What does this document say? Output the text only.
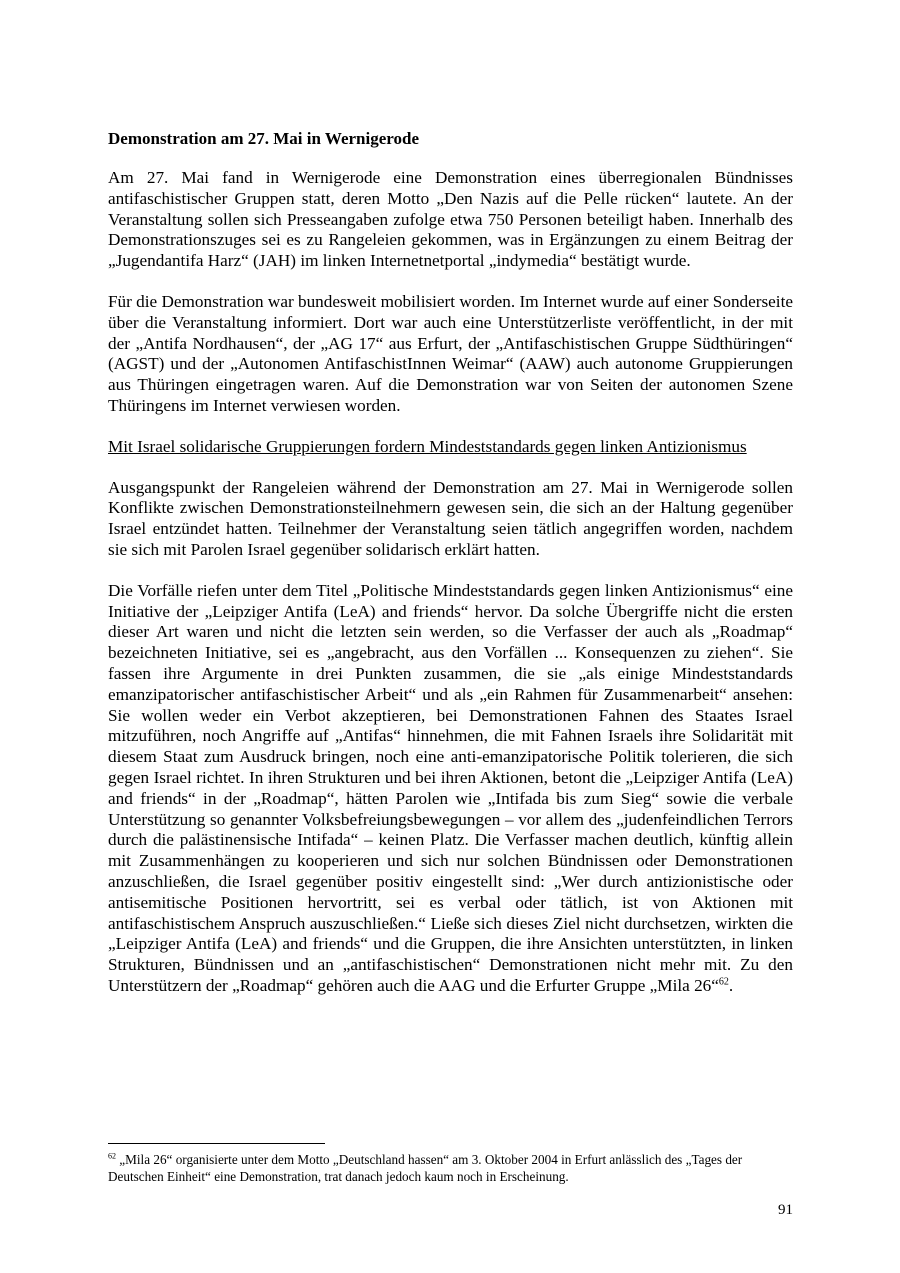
Demonstration am 27. Mai in Wernigerode

Am 27. Mai fand in Wernigerode eine Demonstration eines überregionalen Bündnisses antifaschistischer Gruppen statt, deren Motto „Den Nazis auf die Pelle rücken“ lautete. An der Veranstaltung sollen sich Presseangaben zufolge etwa 750 Personen beteiligt haben. Innerhalb des Demonstrationszuges sei es zu Rangeleien gekommen, was in Ergänzungen zu einem Beitrag der „Jugendantifa Harz“ (JAH) im linken Internetnetportal „indymedia“ bestätigt wurde.

Für die Demonstration war bundesweit mobilisiert worden. Im Internet wurde auf einer Sonderseite über die Veranstaltung informiert. Dort war auch eine Unterstützerliste veröffentlicht, in der mit der „Antifa Nordhausen“, der „AG 17“ aus Erfurt, der „Antifaschistischen Gruppe Südthüringen“ (AGST) und der „Autonomen AntifaschistInnen Weimar“ (AAW) auch autonome Gruppierungen aus Thüringen eingetragen waren. Auf die Demonstration war von Seiten der autonomen Szene Thüringens im Internet verwiesen worden.

Mit Israel solidarische Gruppierungen fordern Mindeststandards gegen linken Antizionismus

Ausgangspunkt der Rangeleien während der Demonstration am 27. Mai in Wernigerode sollen Konflikte zwischen Demonstrationsteilnehmern gewesen sein, die sich an der Haltung gegenüber Israel entzündet hatten. Teilnehmer der Veranstaltung seien tätlich angegriffen worden, nachdem sie sich mit Parolen Israel gegenüber solidarisch erklärt hatten.

Die Vorfälle riefen unter dem Titel „Politische Mindeststandards gegen linken Antizionismus“ eine Initiative der „Leipziger Antifa (LeA) and friends“ hervor. Da solche Übergriffe nicht die ersten dieser Art waren und nicht die letzten sein werden, so die Verfasser der auch als „Roadmap“ bezeichneten Initiative, sei es „angebracht, aus den Vorfällen ... Konsequenzen zu ziehen“. Sie fassen ihre Argumente in drei Punkten zusammen, die sie „als einige Mindeststandards emanzipatorischer antifaschistischer Arbeit“ und als „ein Rahmen für Zusammenarbeit“ ansehen: Sie wollen weder ein Verbot akzeptieren, bei Demonstrationen Fahnen des Staates Israel mitzuführen, noch Angriffe auf „Antifas“ hinnehmen, die mit Fahnen Israels ihre Solidarität mit diesem Staat zum Ausdruck bringen, noch eine anti-emanzipatorische Politik tolerieren, die sich gegen Israel richtet. In ihren Strukturen und bei ihren Aktionen, betont die „Leipziger Antifa (LeA) and friends“ in der „Roadmap“, hätten Parolen wie „Intifada bis zum Sieg“ sowie die verbale Unterstützung so genannter Volksbefreiungsbewegungen – vor allem des „judenfeindlichen Terrors durch die palästinensische Intifada“ – keinen Platz. Die Verfasser machen deutlich, künftig allein mit Zusammenhängen zu kooperieren und sich nur solchen Bündnissen oder Demonstrationen anzuschließen, die Israel gegenüber positiv eingestellt sind: „Wer durch antizionistische oder antisemitische Positionen hervortritt, sei es verbal oder tätlich, ist von Aktionen mit antifaschistischem Anspruch auszuschließen.“ Ließe sich dieses Ziel nicht durchsetzen, wirkten die „Leipziger Antifa (LeA) and friends“ und die Gruppen, die ihre Ansichten unterstützten, in linken Strukturen, Bündnissen und an „antifaschistischen“ Demonstrationen nicht mehr mit. Zu den Unterstützern der „Roadmap“ gehören auch die AAG und die Erfurter Gruppe „Mila 26“$^{62}$.

$^{62}$ „Mila 26“ organisierte unter dem Motto „Deutschland hassen“ am 3. Oktober 2004 in Erfurt anlässlich des „Tages der Deutschen Einheit“ eine Demonstration, trat danach jedoch kaum noch in Erscheinung.
91
